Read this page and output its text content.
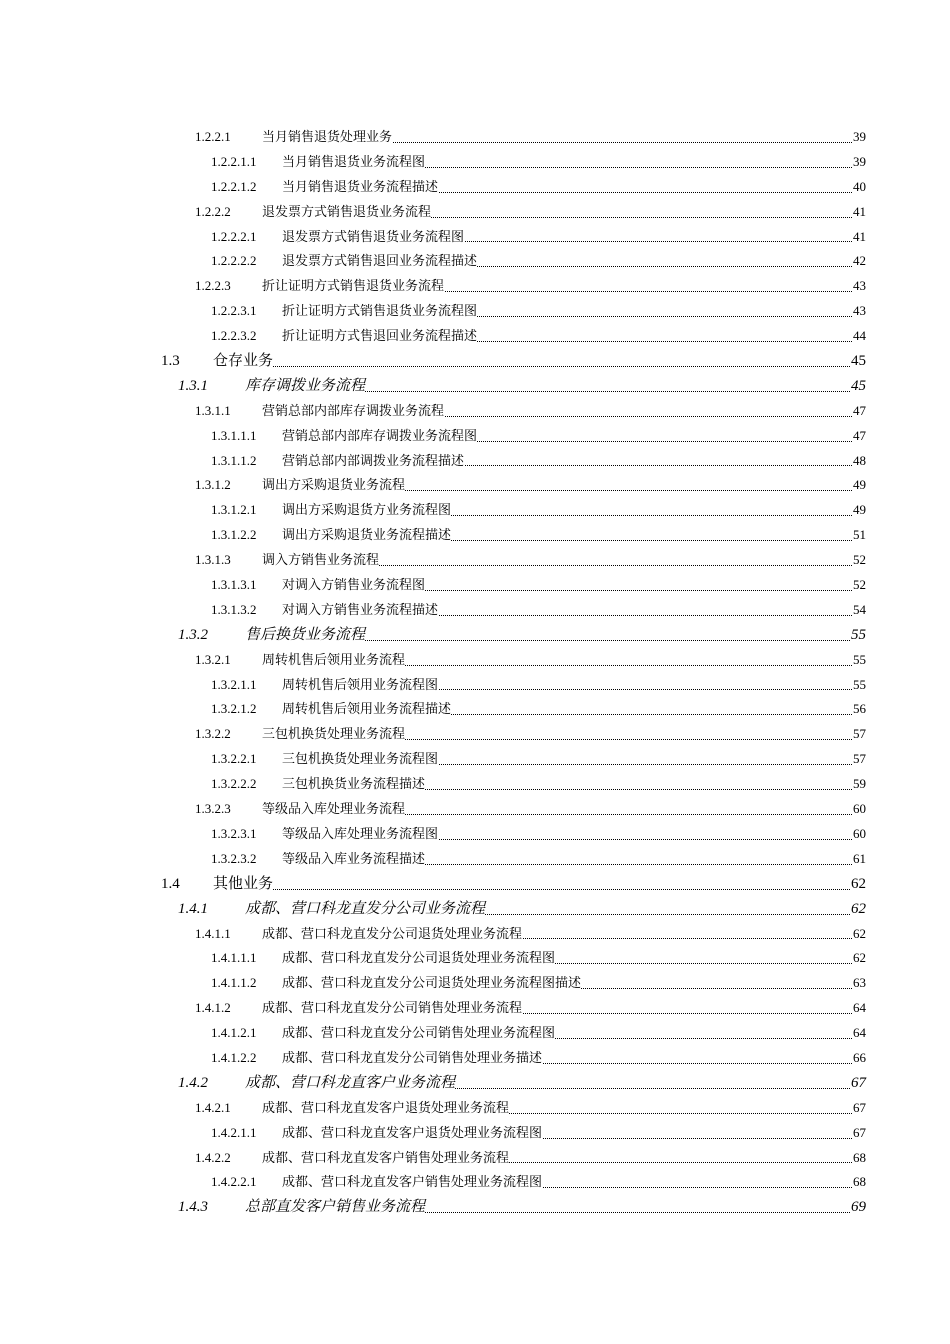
1.2.2.1 当月销售退货处理业务	39
1.2.2.1.1 当月销售退货业务流程图	39
1.2.2.1.2 当月销售退货业务流程描述	40
1.2.2.2 退发票方式销售退货业务流程	41
1.2.2.2.1 退发票方式销售退货业务流程图	41
1.2.2.2.2 退发票方式销售退回业务流程描述	42
1.2.2.3 折让证明方式销售退货业务流程	43
1.2.2.3.1 折让证明方式销售退货业务流程图	43
1.2.2.3.2 折让证明方式售退回业务流程描述	44
1.3 仓存业务	45
1.3.1 库存调拨业务流程	45
1.3.1.1 营销总部内部库存调拨业务流程	47
1.3.1.1.1 营销总部内部库存调拨业务流程图	47
1.3.1.1.2 营销总部内部调拨业务流程描述	48
1.3.1.2 调出方采购退货业务流程	49
1.3.1.2.1 调出方采购退货方业务流程图	49
1.3.1.2.2 调出方采购退货业务流程描述	51
1.3.1.3 调入方销售业务流程	52
1.3.1.3.1 对调入方销售业务流程图	52
1.3.1.3.2 对调入方销售业务流程描述	54
1.3.2 售后换货业务流程	55
1.3.2.1 周转机售后领用业务流程	55
1.3.2.1.1 周转机售后领用业务流程图	55
1.3.2.1.2 周转机售后领用业务流程描述	56
1.3.2.2 三包机换货处理业务流程	57
1.3.2.2.1 三包机换货处理业务流程图	57
1.3.2.2.2 三包机换货业务流程描述	59
1.3.2.3 等级品入库处理业务流程	60
1.3.2.3.1 等级品入库处理业务流程图	60
1.3.2.3.2 等级品入库业务流程描述	61
1.4 其他业务	62
1.4.1 成都、营口科龙直发分公司业务流程	62
1.4.1.1 成都、营口科龙直发分公司退货处理业务流程	62
1.4.1.1.1 成都、营口科龙直发分公司退货处理业务流程图	62
1.4.1.1.2 成都、营口科龙直发分公司退货处理业务流程图描述	63
1.4.1.2 成都、营口科龙直发分公司销售处理业务流程	64
1.4.1.2.1 成都、营口科龙直发分公司销售处理业务流程图	64
1.4.1.2.2 成都、营口科龙直发分公司销售处理业务描述	66
1.4.2 成都、营口科龙直客户业务流程	67
1.4.2.1 成都、营口科龙直发客户退货处理业务流程	67
1.4.2.1.1 成都、营口科龙直发客户退货处理业务流程图	67
1.4.2.2 成都、营口科龙直发客户销售处理业务流程	68
1.4.2.2.1 成都、营口科龙直发客户销售处理业务流程图	68
1.4.3 总部直发客户销售业务流程	69
